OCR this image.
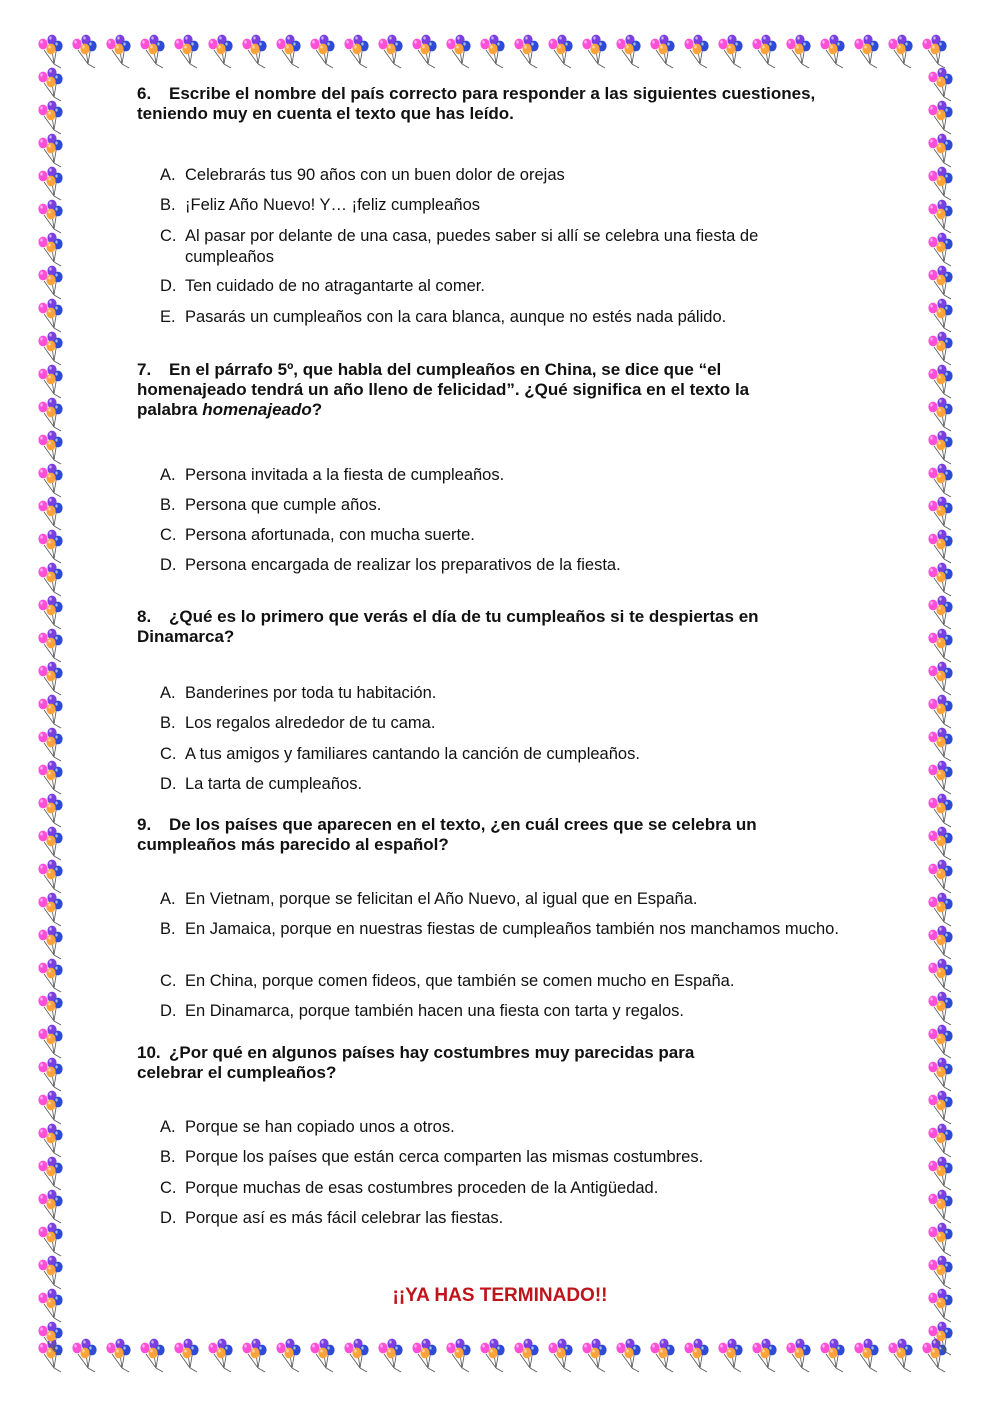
6. Escribe el nombre del país correcto para responder a las siguientes cuestiones, teniendo muy en cuenta el texto que has leído.
A. Celebrarás tus 90 años con un buen dolor de orejas
B. ¡Feliz Año Nuevo! Y… ¡feliz cumpleaños
C. Al pasar por delante de una casa, puedes saber si allí se celebra una fiesta de cumpleaños
D. Ten cuidado de no atragantarte al comer.
E. Pasarás un cumpleaños con la cara blanca, aunque no estés nada pálido.
7. En el párrafo 5º, que habla del cumpleaños en China, se dice que “el homenajeado tendrá un año lleno de felicidad”. ¿Qué significa en el texto la palabra homenajeado?
A. Persona invitada a la fiesta de cumpleaños.
B. Persona que cumple años.
C. Persona afortunada, con mucha suerte.
D. Persona encargada de realizar los preparativos de la fiesta.
8. ¿Qué es lo primero que verás el día de tu cumpleaños si te despiertas en Dinamarca?
A. Banderines por toda tu habitación.
B. Los regalos alrededor de tu cama.
C. A tus amigos y familiares cantando la canción de cumpleaños.
D. La tarta de cumpleaños.
9. De los países que aparecen en el texto, ¿en cuál crees que se celebra un cumpleaños más parecido al español?
A. En Vietnam, porque se felicitan el Año Nuevo, al igual que en España.
B. En Jamaica, porque en nuestras fiestas de cumpleaños también nos manchamos mucho.
C. En China, porque comen fideos, que también se comen mucho en España.
D. En Dinamarca, porque también hacen una fiesta con tarta y regalos.
10. ¿Por qué en algunos países hay costumbres muy parecidas para celebrar el cumpleaños?
A. Porque se han copiado unos a otros.
B. Porque los países que están cerca comparten las mismas costumbres.
C. Porque muchas de esas costumbres proceden de la Antigüedad.
D. Porque así es más fácil celebrar las fiestas.
¡¡YA HAS TERMINADO!!
